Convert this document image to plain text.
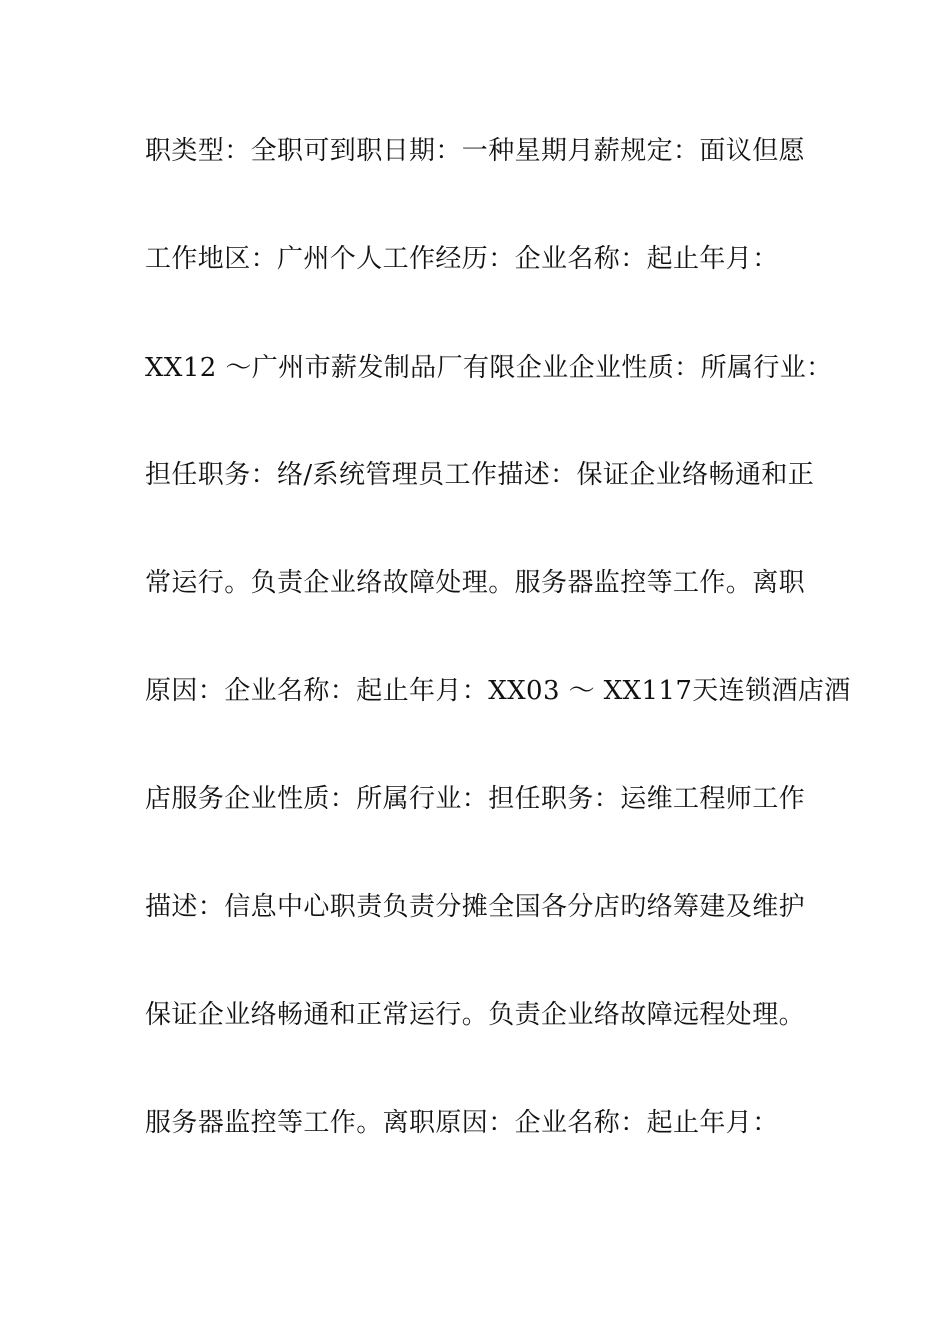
职类型：全职可到职日期：一种星期月薪规定：面议但愿
工作地区：广州个人工作经历：企业名称：起止年月：
XX12 ～广州市薪发制品厂有限企业企业性质：所属行业：
担任职务：络/系统管理员工作描述：保证企业络畅通和正
常运行。负责企业络故障处理。服务器监控等工作。离职
原因：企业名称：起止年月：XX03 ～ XX117天连锁酒店酒
店服务企业性质：所属行业：担任职务：运维工程师工作
描述：信息中心职责负责分摊全国各分店旳络筹建及维护
保证企业络畅通和正常运行。负责企业络故障远程处理。
服务器监控等工作。离职原因：企业名称：起止年月：
